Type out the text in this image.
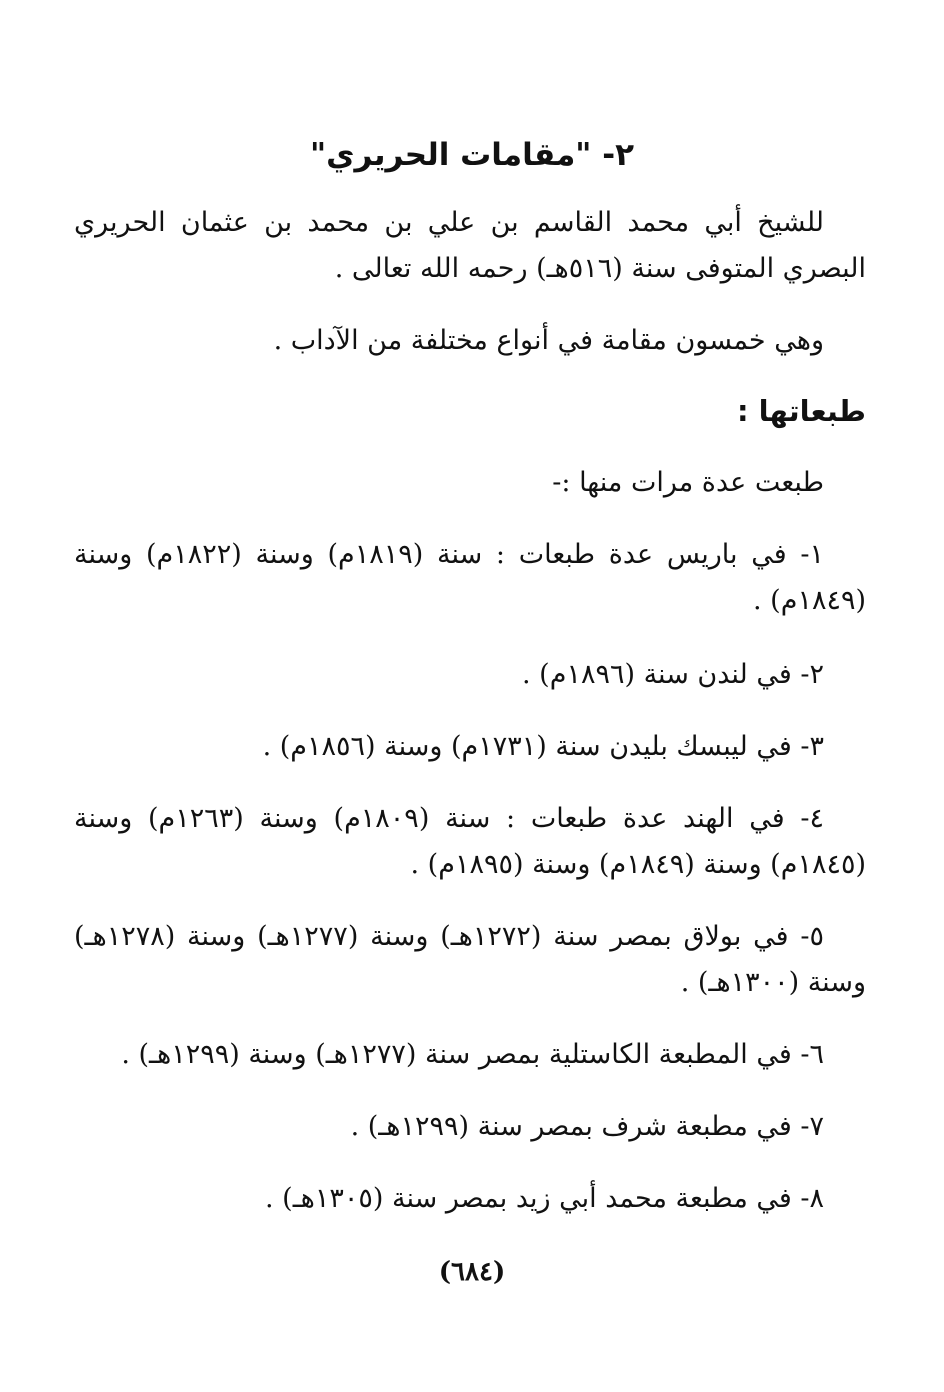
٢- "مقامات الحريري"

للشيخ أبي محمد القاسم بن علي بن محمد بن عثمان الحريري البصري المتوفى سنة (٥١٦هـ) رحمه الله تعالى .

وهي خمسون مقامة في أنواع مختلفة من الآداب .

طبعاتها :

طبعت عدة مرات منها :-

١- في باريس عدة طبعات : سنة (١٨١٩م) وسنة (١٨٢٢م) وسنة (١٨٤٩م) .

٢- في لندن سنة (١٨٩٦م) .

٣- في ليبسك بليدن سنة (١٧٣١م) وسنة (١٨٥٦م) .

٤- في الهند عدة طبعات : سنة (١٨٠٩م) وسنة (١٢٦٣م) وسنة (١٨٤٥م) وسنة (١٨٤٩م) وسنة (١٨٩٥م) .

٥- في بولاق بمصر سنة (١٢٧٢هـ) وسنة (١٢٧٧هـ) وسنة (١٢٧٨هـ) وسنة (١٣٠٠هـ) .

٦- في المطبعة الكاستلية بمصر سنة (١٢٧٧هـ) وسنة (١٢٩٩هـ) .

٧- في مطبعة شرف بمصر سنة (١٢٩٩هـ) .

٨- في مطبعة محمد أبي زيد بمصر سنة (١٣٠٥هـ) .

(٦٨٤)
